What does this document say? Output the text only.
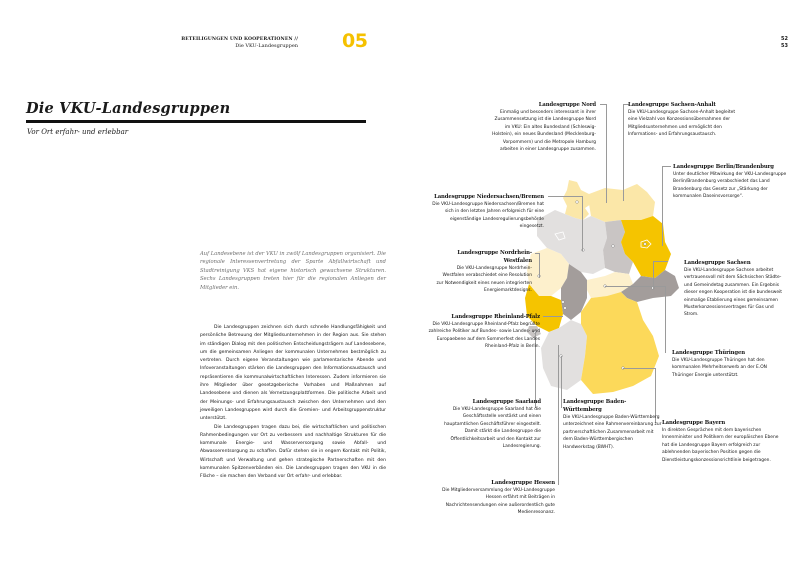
BETEILIGUNGEN UND KOOPERATIONEN //
Die VKU-Landesgruppen 05	52
53
Die VKU-Landesgruppen
Vor Ort erfahr- und erlebbar
Auf Landesebene ist der VKU in zwölf Landesgruppen organisiert. Die regionale Interessenvertretung der Sparte Abfallwirtschaft und Stadtreinigung VKS hat eigene historisch gewachsene Strukturen. Sechs Landesgruppen treten hier für die regionalen Anliegen der Mitglieder ein.

Die Landesgruppen zeichnen sich durch schnelle Handlungsfähigkeit und persönliche Betreuung der Mitgliedsunternehmen in der Region aus. Sie stehen im ständigen Dialog mit den politischen Entscheidungsträgern auf Landesebene, um die gemeinsamen Anliegen der kommunalen Unternehmen bestmöglich zu vertreten. Durch eigene Veranstaltungen wie parlamentarische Abende und Infoveranstaltungen stärken die Landesgruppen den Informationsaustausch und repräsentieren die kommunalwirtschaftlichen Interessen. Zudem informieren sie ihre Mitglieder über gesetzgeberische Vorhaben und Maßnahmen auf Landesebene und dienen als Vernetzungsplattformen. Die politische Arbeit und der Meinungs- und Erfahrungsaustausch zwischen den Unternehmen und den jeweiligen Landesgruppen wird durch die Gremien- und Arbeitsgruppenstruktur unterstützt.

Die Landesgruppen tragen dazu bei, die wirtschaftlichen und politischen Rahmenbedingungen vor Ort zu verbessern und nachhaltige Strukturen für die kommunale Energie- und Wasserversorgung sowie Abfall- und Abwasserentsorgung zu schaffen. Dafür stehen sie in engem Kontakt mit Politik, Wirtschaft und Verwaltung und gehen strategische Partnerschaften mit den kommunalen Spitzenverbänden ein. Die Landesgruppen tragen den VKU in die Fläche – sie machen den Verband vor Ort erfahr- und erlebbar.

Landesgruppe Nord
Einmalig und besonders interessant in ihrer Zusammensetzung ist die Landesgruppe Nord im VKU: Ein altes Bundesland (Schleswig-Holstein), ein neues Bundesland (Mecklenburg-Vorpommern) und die Metropole Hamburg arbeiten in einer Landesgruppe zusammen.
Landesgruppe Sachsen-Anhalt
Die VKU-Landesgruppe Sachsen-Anhalt begleitet eine Vielzahl von Konzessionsübernahmen der Mitgliedsunternehmen und ermöglicht den Informations- und Erfahrungsaustausch.
Landesgruppe Berlin/Brandenburg
Unter deutlicher Mitwirkung der VKU-Landesgruppe Berlin/Brandenburg verabschiedet das Land Brandenburg das Gesetz zur „Stärkung der kommunalen Daseinsvorsorge“.
Landesgruppe Niedersachsen/Bremen
Die VKU-Landesgruppe Niedersachsen/Bremen hat sich in den letzten Jahren erfolgreich für eine eigenständige Landesregulierungsbehörde eingesetzt.
Landesgruppe Nordrhein-Westfalen
Die VKU-Landesgruppe Nordrhein-Westfalen verabschiedet eine Resolution zur Notwendigkeit eines neuen integrierten Energiemarktdesigns.
Landesgruppe Sachsen
Die VKU-Landesgruppe Sachsen arbeitet vertrauensvoll mit dem Sächsischen Städte- und Gemeindetag zusammen. Ein Ergebnis dieser engen Kooperation ist die bundesweit einmalige Etablierung eines gemeinsamen Musterkonzessionsvertrages für Gas und Strom.
Landesgruppe Rheinland-Pfalz
Die VKU-Landesgruppe Rheinland-Pfalz begrüßte zahlreiche Politiker auf Bundes- sowie Landes- und Europaebene auf dem Sommerfest des Landes Rheinland-Pfalz in Berlin.
Landesgruppe Thüringen
Die VKU-Landesgruppe Thüringen hat den kommunalen Mehrheitserwerb an der E.ON Thüringer Energie unterstützt.
Landesgruppe Saarland
Die VKU-Landesgruppe Saarland hat die Geschäftsstelle verstärkt und einen hauptamtlichen Geschäftsführer eingestellt. Damit stärkt die Landesgruppe die Öffentlichkeitsarbeit und den Kontakt zur Landesregierung.
Landesgruppe Baden-Württemberg
Die VKU-Landesgruppe Baden-Württemberg unterzeichnet eine Rahmenvereinbarung zur partnerschaftlichen Zusammenarbeit mit dem Baden-Württembergischen Handwerkstag (BWHT).
Landesgruppe Bayern
In direkten Gesprächen mit dem bayerischen Innenminister und Politikern der europäischen Ebene hat die Landesgruppe Bayern erfolgreich zur ablehnenden bayerischen Position gegen die Dienstleistungskonzessionsrichtlinie beigetragen.
Landesgruppe Hessen
Die Mitgliederversammlung der VKU-Landesgruppe Hessen erfährt mit Beiträgen in Nachrichtensendungen eine außerordentlich gute Medienresonanz.
